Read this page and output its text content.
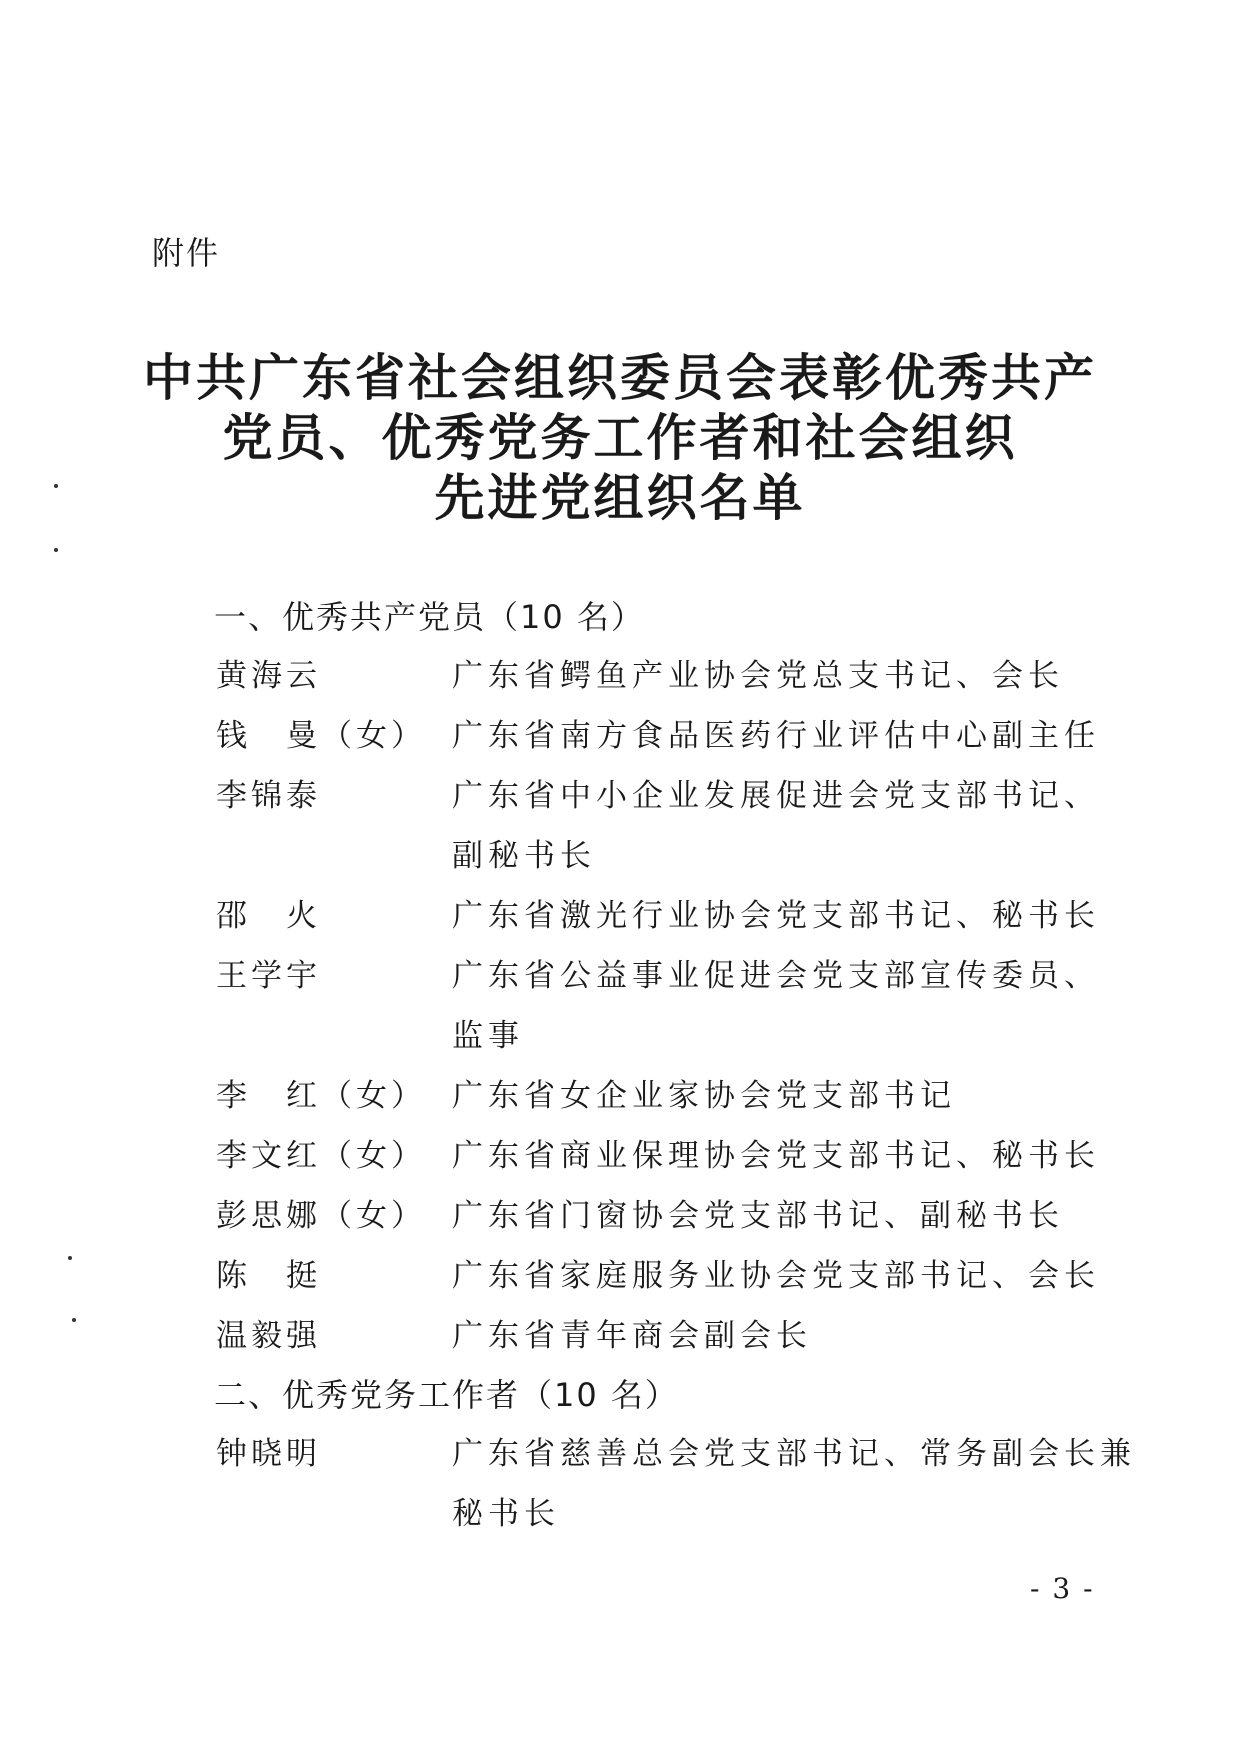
附件
中共广东省社会组织委员会表彰优秀共产
党员、优秀党务工作者和社会组织
先进党组织名单
一、优秀共产党员（10 名）
黄海云	广东省鳄鱼产业协会党总支书记、会长
钱　曼（女） 广东省南方食品医药行业评估中心副主任
李锦泰	广东省中小企业发展促进会党支部书记、
副秘书长
邵　火	广东省激光行业协会党支部书记、秘书长
王学宇	广东省公益事业促进会党支部宣传委员、
监事
李　红（女） 广东省女企业家协会党支部书记
李文红（女） 广东省商业保理协会党支部书记、秘书长
彭思娜（女） 广东省门窗协会党支部书记、副秘书长
陈　挺	广东省家庭服务业协会党支部书记、会长
温毅强	广东省青年商会副会长
二、优秀党务工作者（10 名）
钟晓明	广东省慈善总会党支部书记、常务副会长兼
秘书长
- 3 -
